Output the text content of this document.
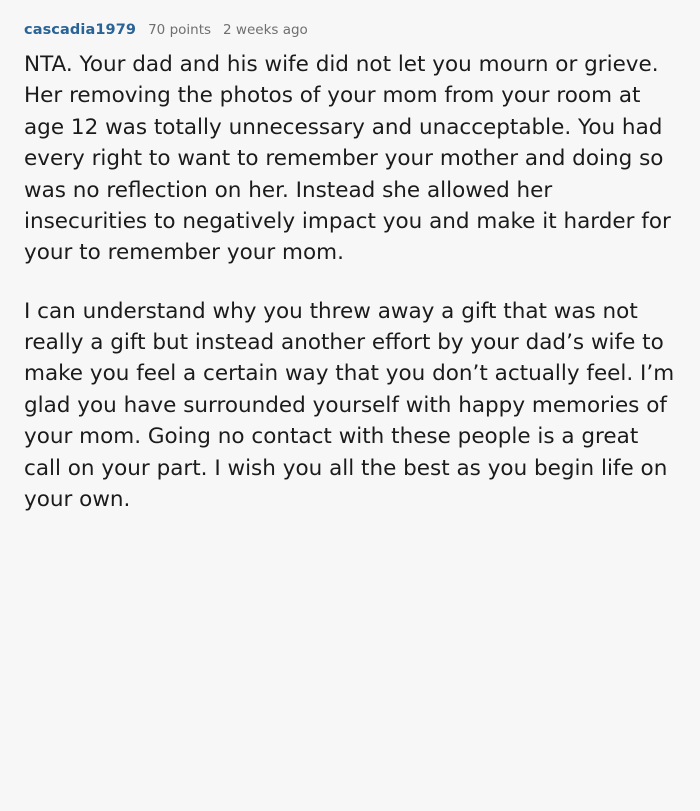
cascadia1979 70 points 2 weeks ago

NTA. Your dad and his wife did not let you mourn or grieve. Her removing the photos of your mom from your room at age 12 was totally unnecessary and unacceptable. You had every right to want to remember your mother and doing so was no reflection on her. Instead she allowed her insecurities to negatively impact you and make it harder for your to remember your mom.

I can understand why you threw away a gift that was not really a gift but instead another effort by your dad’s wife to make you feel a certain way that you don’t actually feel. I’m glad you have surrounded yourself with happy memories of your mom. Going no contact with these people is a great call on your part. I wish you all the best as you begin life on your own.
